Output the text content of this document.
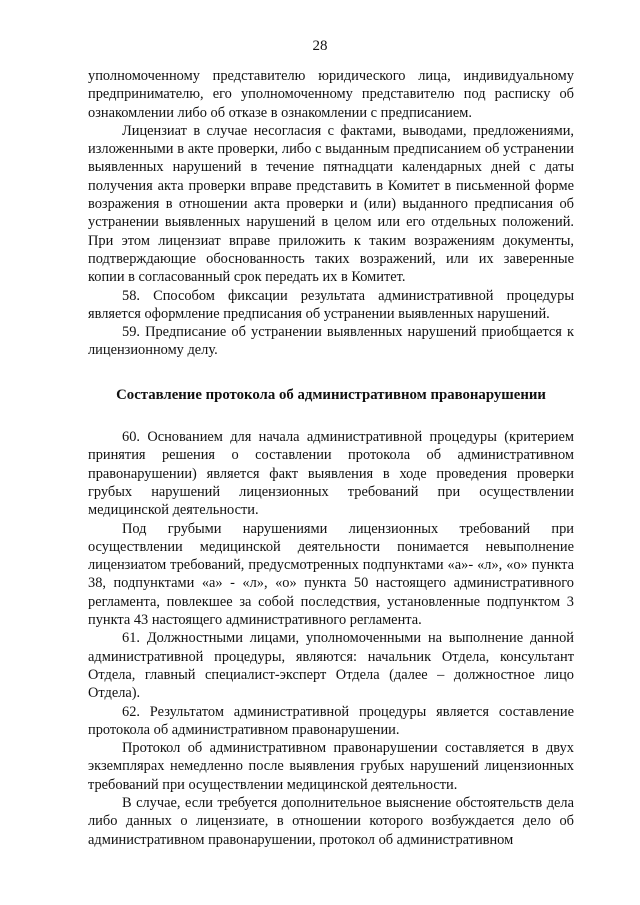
28

уполномоченному представителю юридического лица, индивидуальному предпринимателю, его уполномоченному представителю под расписку об ознакомлении либо об отказе в ознакомлении с предписанием.

Лицензиат в случае несогласия с фактами, выводами, предложениями, изложенными в акте проверки, либо с выданным предписанием об устранении выявленных нарушений в течение пятнадцати календарных дней с даты получения акта проверки вправе представить в Комитет в письменной форме возражения в отношении акта проверки и (или) выданного предписания об устранении выявленных нарушений в целом или его отдельных положений. При этом лицензиат вправе приложить к таким возражениям документы, подтверждающие обоснованность таких возражений, или их заверенные копии в согласованный срок передать их в Комитет.

58. Способом фиксации результата административной процедуры является оформление предписания об устранении выявленных нарушений.

59. Предписание об устранении выявленных нарушений приобщается к лицензионному делу.

Составление протокола об административном правонарушении

60. Основанием для начала административной процедуры (критерием принятия решения о составлении протокола об административном правонарушении) является факт выявления в ходе проведения проверки грубых нарушений лицензионных требований при осуществлении медицинской деятельности.

Под грубыми нарушениями лицензионных требований при осуществлении медицинской деятельности понимается невыполнение лицензиатом требований, предусмотренных подпунктами «а»- «л», «о» пункта 38, подпунктами «а» - «л», «о» пункта 50 настоящего административного регламента, повлекшее за собой последствия, установленные подпунктом 3 пункта 43 настоящего административного регламента.

61. Должностными лицами, уполномоченными на выполнение данной административной процедуры, являются: начальник Отдела, консультант Отдела, главный специалист-эксперт Отдела (далее – должностное лицо Отдела).

62. Результатом административной процедуры является составление протокола об административном правонарушении.

Протокол об административном правонарушении составляется в двух экземплярах немедленно после выявления грубых нарушений лицензионных требований при осуществлении медицинской деятельности.

В случае, если требуется дополнительное выяснение обстоятельств дела либо данных о лицензиате, в отношении которого возбуждается дело об административном правонарушении, протокол об административном
